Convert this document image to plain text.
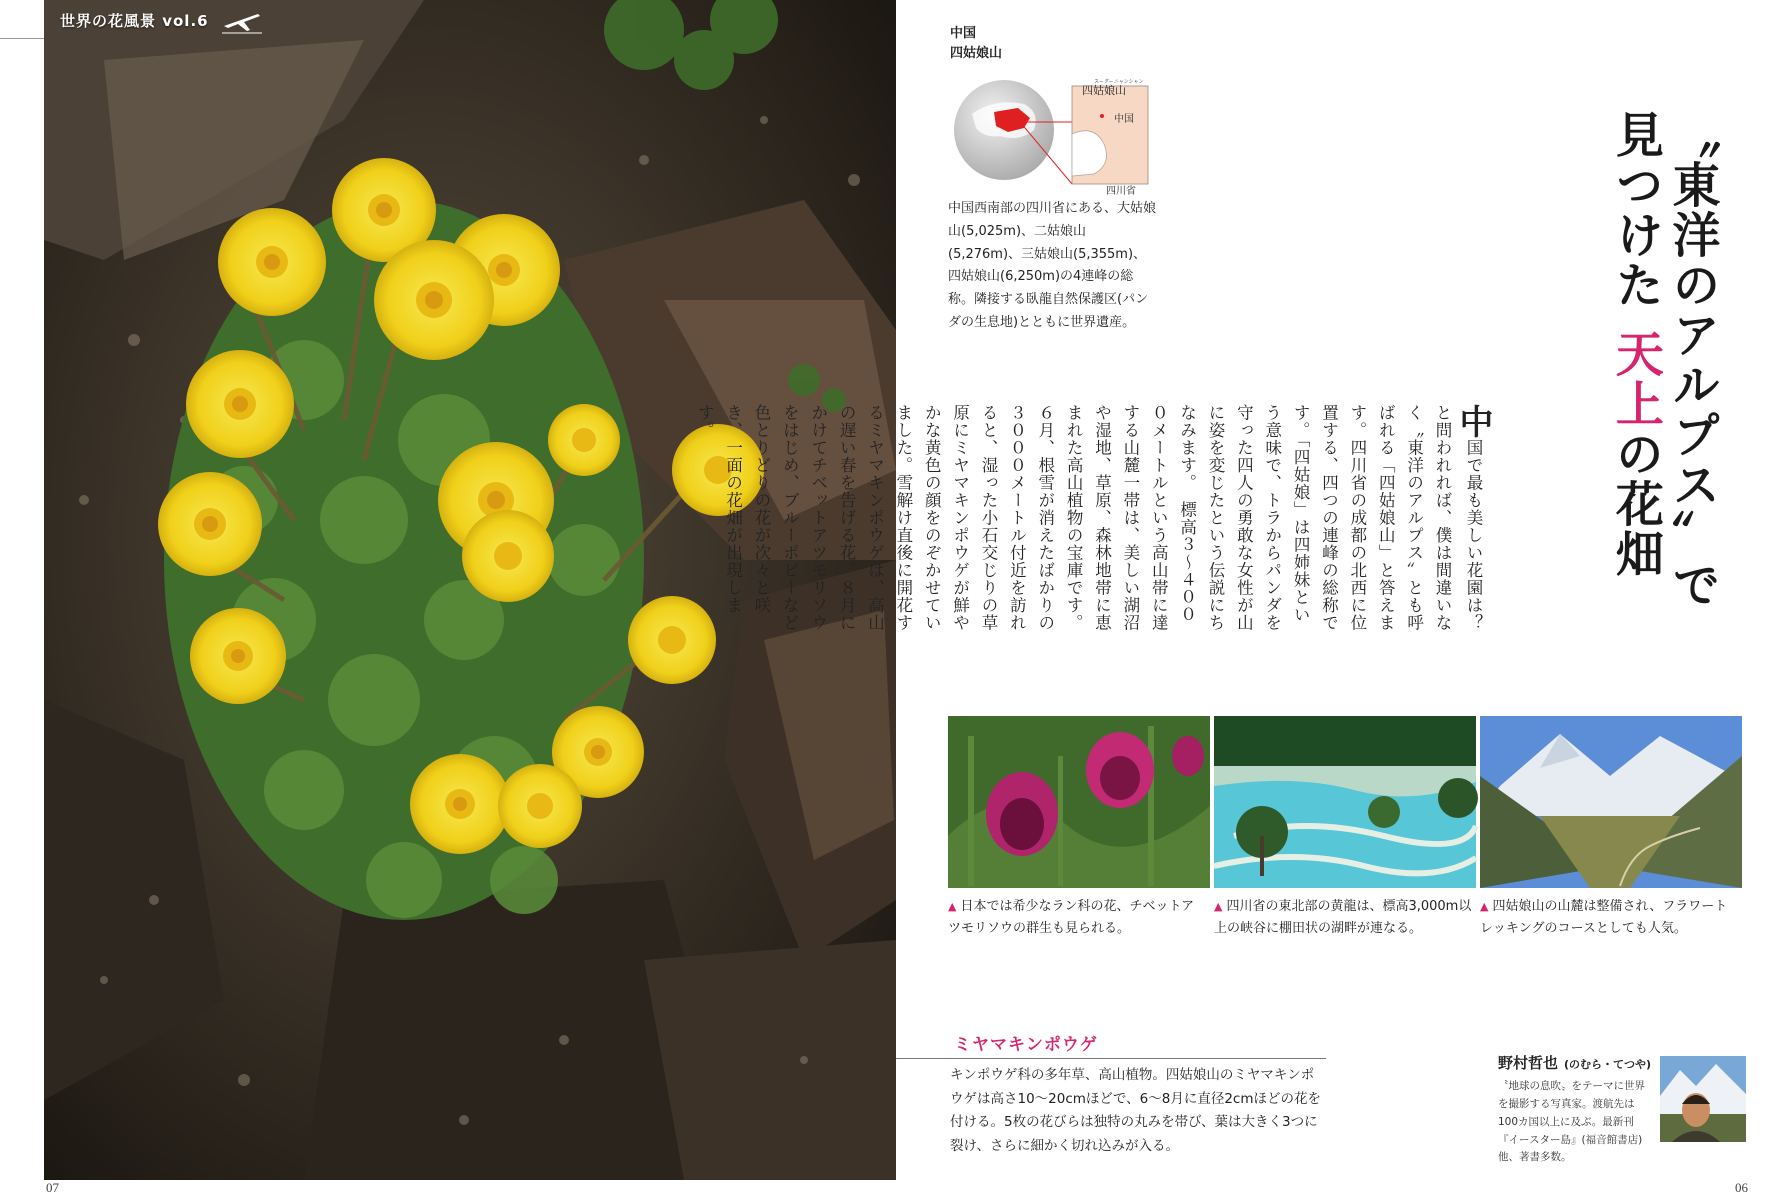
世界の花風景 vol.6
07	06
中国
四姑娘山
スーグーニャンシャン
四姑娘山
中国
四川省

中国西南部の四川省にある、大姑娘山(5,025m)、二姑娘山(5,276m)、三姑娘山(5,355m)、四姑娘山(6,250m)の4連峰の総称。隣接する臥龍自然保護区(パンダの生息地)とともに世界遺産。	〝東洋のアルプス〟で見つけた 天上の花畑
中国で最も美しい花園は？と問われれば、僕は間違いなく〝東洋のアルプス〟とも呼ばれる「四姑娘山」と答えます。四川省の成都の北西に位置する、四つの連峰の総称です。「四姑娘」は四姉妹という意味で、トラからパンダを守った四人の勇敢な女性が山に姿を変じたという伝説にちなみます。　標高３～４０００メートルという高山帯に達する山麓一帯は、美しい湖沼や湿地、草原、森林地帯に恵まれた高山植物の宝庫です。６月、根雪が消えたばかりの３０００メートル付近を訪れると、湿った小石交じりの草原にミヤマキンポウゲが鮮やかな黄色の顔をのぞかせていました。雪解け直後に開花するミヤマキンポウゲは、高山の遅い春を告げる花。８月にかけてチベットアツモリソウをはじめ、ブルーポピーなど色とりどりの花が次々と咲き、一面の花畑が出現します。

▲ 日本では希少なラン科の花、チベットアツモリソウの群生も見られる。

▲ 四川省の東北部の黄龍は、標高3,000m以上の峡谷に棚田状の湖畔が連なる。

▲ 四姑娘山の山麓は整備され、フラワートレッキングのコースとしても人気。

ミヤマキンポウゲ

キンポウゲ科の多年草、高山植物。四姑娘山のミヤマキンポウゲは高さ10～20cmほどで、6～8月に直径2cmほどの花を付ける。5枚の花びらは独特の丸みを帯び、葉は大きく3つに裂け、さらに細かく切れ込みが入る。

野村哲也 (のむら・てつや)

〝地球の息吹〟をテーマに世界を撮影する写真家。渡航先は100カ国以上に及ぶ。最新刊『イースター島』(福音館書店)他、著書多数。
